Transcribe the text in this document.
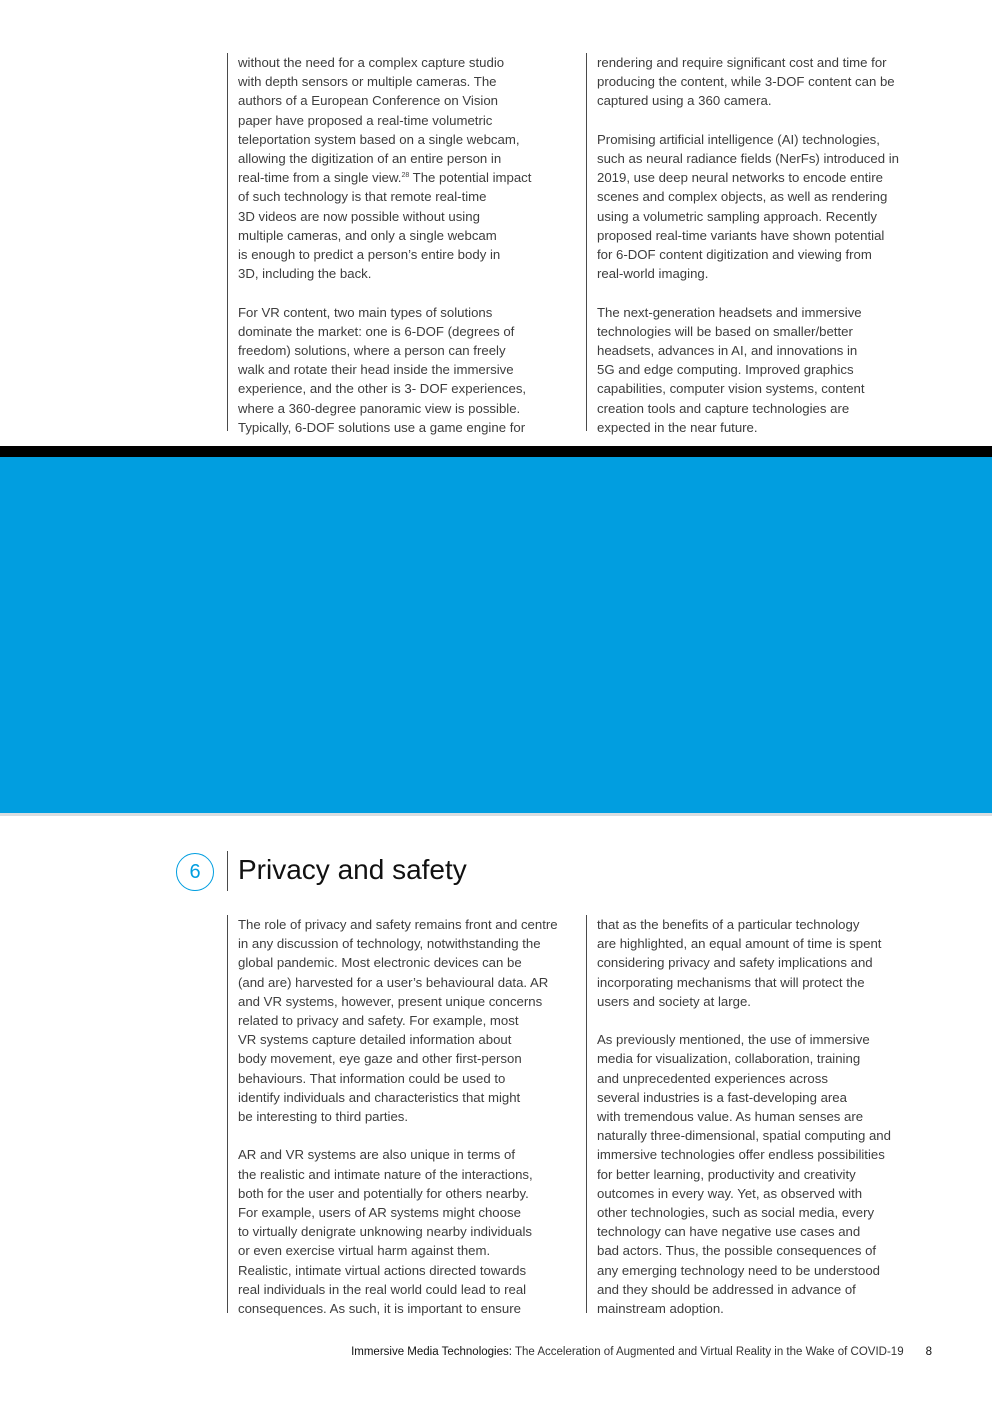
without the need for a complex capture studio
with depth sensors or multiple cameras. The
authors of a European Conference on Vision
paper have proposed a real-time volumetric
teleportation system based on a single webcam,
allowing the digitization of an entire person in
real-time from a single view.$^{28}$ The potential impact
of such technology is that remote real-time
3D videos are now possible without using
multiple cameras, and only a single webcam
is enough to predict a person’s entire body in
3D, including the back.

For VR content, two main types of solutions
dominate the market: one is 6-DOF (degrees of
freedom) solutions, where a person can freely
walk and rotate their head inside the immersive
experience, and the other is 3- DOF experiences,
where a 360-degree panoramic view is possible.
Typically, 6-DOF solutions use a game engine for

rendering and require significant cost and time for
producing the content, while 3-DOF content can be
captured using a 360 camera.

Promising artificial intelligence (AI) technologies,
such as neural radiance fields (NerFs) introduced in
2019, use deep neural networks to encode entire
scenes and complex objects, as well as rendering
using a volumetric sampling approach. Recently
proposed real-time variants have shown potential
for 6-DOF content digitization and viewing from
real-world imaging.

The next-generation headsets and immersive
technologies will be based on smaller/better
headsets, advances in AI, and innovations in
5G and edge computing. Improved graphics
capabilities, computer vision systems, content
creation tools and capture technologies are
expected in the near future.

6	Privacy and safety

The role of privacy and safety remains front and centre
in any discussion of technology, notwithstanding the
global pandemic. Most electronic devices can be
(and are) harvested for a user’s behavioural data. AR
and VR systems, however, present unique concerns
related to privacy and safety. For example, most
VR systems capture detailed information about
body movement, eye gaze and other first-person
behaviours. That information could be used to
identify individuals and characteristics that might
be interesting to third parties.

AR and VR systems are also unique in terms of
the realistic and intimate nature of the interactions,
both for the user and potentially for others nearby.
For example, users of AR systems might choose
to virtually denigrate unknowing nearby individuals
or even exercise virtual harm against them.
Realistic, intimate virtual actions directed towards
real individuals in the real world could lead to real
consequences. As such, it is important to ensure

that as the benefits of a particular technology
are highlighted, an equal amount of time is spent
considering privacy and safety implications and
incorporating mechanisms that will protect the
users and society at large.

As previously mentioned, the use of immersive
media for visualization, collaboration, training
and unprecedented experiences across
several industries is a fast-developing area
with tremendous value. As human senses are
naturally three-dimensional, spatial computing and
immersive technologies offer endless possibilities
for better learning, productivity and creativity
outcomes in every way. Yet, as observed with
other technologies, such as social media, every
technology can have negative use cases and
bad actors. Thus, the possible consequences of
any emerging technology need to be understood
and they should be addressed in advance of
mainstream adoption.

Immersive Media Technologies: The Acceleration of Augmented and Virtual Reality in the Wake of COVID-19 8
